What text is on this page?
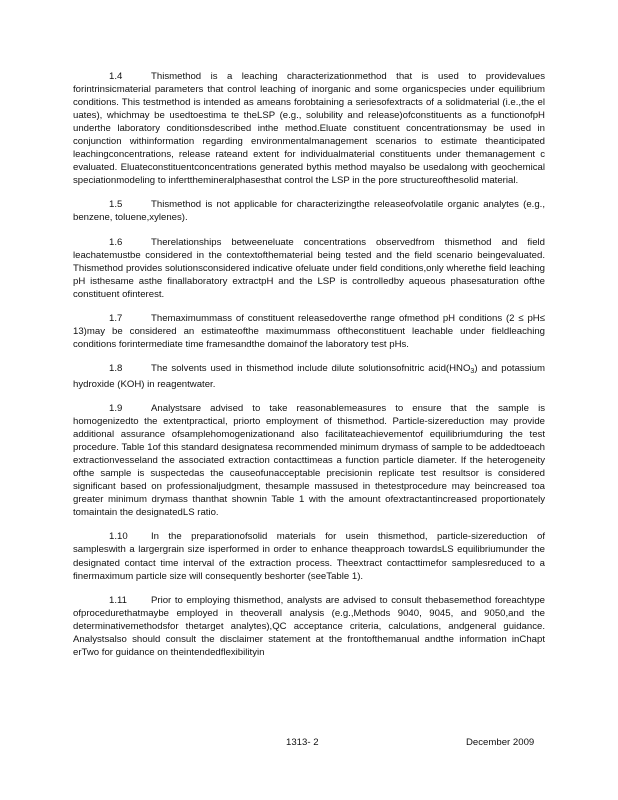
1.4	Thismethod is a leaching characterizationmethod that is used to providevalues forintrinsicmaterial parameters that control leaching of inorganic and some organicspecies under equilibrium conditions. This testmethod is intended as ameans forobtaining a seriesofextracts of a solidmaterial (i.e.,the el uates), whichmay be usedtoestima te theLSP (e.g., solubility and release)ofconstituents as a functionofpH underthe laboratory conditionsdescribed inthe method.Eluate constituent concentrationsmay be used in conjunction withinformation regarding environmentalmanagement scenarios to estimate theanticipated leachingconcentrations, release rateand extent for individualmaterial constituents under themanagement c evaluated. Eluateconstituentconcentrations generated bythis method mayalso be usedalong with geochemical speciationmodeling to infertthemineralphasesthat control the LSP in the pore structureofthesolid material.

1.5	Thismethod is not applicable for characterizingthe releaseofvolatile organic analytes (e.g., benzene, toluene,xylenes).

1.6	Therelationships betweeneluate concentrations observedfrom thismethod and field leachatemustbe considered in the contextofthematerial being tested and the field scenario beingevaluated. Thismethod provides solutionsconsidered indicative ofeluate under field conditions,only wherethe field leaching pH isthesame asthe finallaboratory extractpH and the LSP is controlledby aqueous phasesaturation ofthe constituent ofinterest.

1.7	Themaximummass of constituent releasedoverthe range ofmethod pH conditions (2 ≤ pH≤ 13)may be considered an estimateofthe maximummass oftheconstituent leachable under fieldleaching conditions forintermediate time framesandthe domainof the laboratory test pHs.

1.8	The solvents used in thismethod include dilute solutionsofnitric $acid(HNO_3)$ and potassium hydroxide (KOH) in reagentwater.

1.9	Analystsare advised to take reasonablemeasures to ensure that the sample is homogenizedto the extentpractical, priorto employment of thismethod. Particle-sizereduction may provide additional assurance ofsamplehomogenizationand also facilitateachievementof equilibriumduring the test procedure. Table 1of this standard designatesa recommended minimum drymass of sample to be addedtoeach extractionvesseland the associated extraction contacttimeas a function particle diameter. If the heterogeneity ofthe sample is suspectedas the causeofunacceptable precisionin replicate test resultsor is considered significant based on professionaljudgment, thesample massused in thetestprocedure may beincreased toa greater minimum drymass thanthat shownin Table 1 with the amount ofextractantincreased proportionately tomaintain the designatedLS ratio.

1.10 In the preparationofsolid materials for usein thismethod, particle-sizereduction of sampleswith a largergrain size isperformed in order to enhance theapproach towardsLS equilibriumunder the designated contact time interval of the extraction process. Theextract contacttimefor samplesreduced to a finermaximum particle size will consequently beshorter (seeTable 1).

1.11	Prior to employing thismethod, analysts are advised to consult thebasemethod foreachtype ofprocedurethatmaybe employed in theoverall analysis (e.g.,Methods 9040, 9045, and 9050,and the determinativemethodsfor thetarget analytes),QC acceptance criteria, calculations, andgeneral guidance. Analystsalso should consult the disclaimer statement at the frontofthemanual andthe information inChapt erTwo for guidance on theintendedflexibilityin

1313- 2	December 2009
